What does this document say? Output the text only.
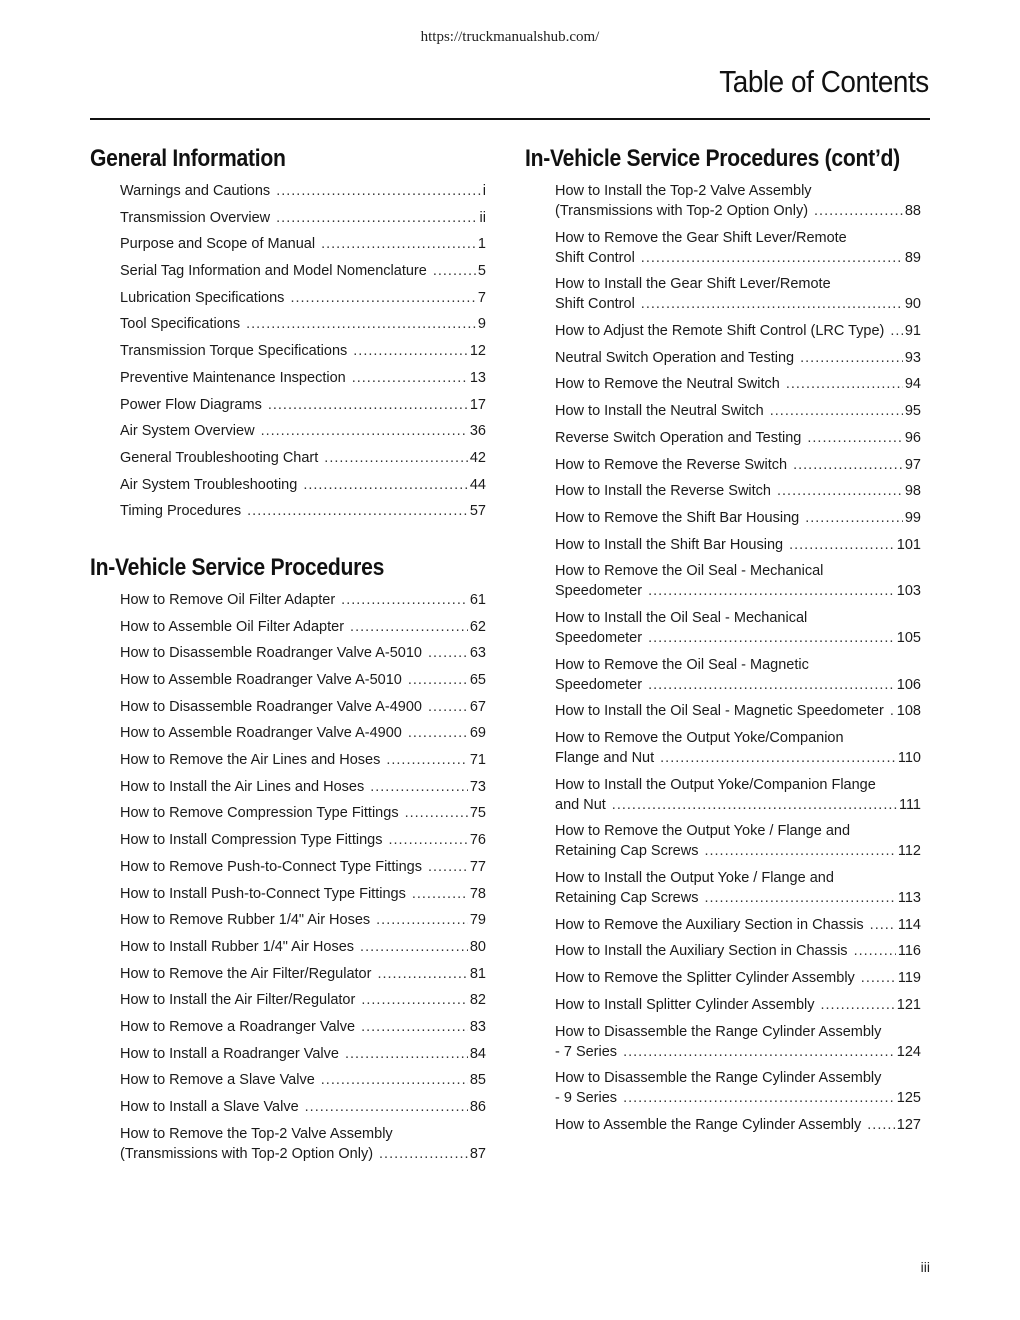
https://truckmanualshub.com/
Table of Contents
General Information
Warnings and Cautions .....	i
Transmission Overview .....	ii
Purpose and Scope of Manual .....	1
Serial Tag Information and Model Nomenclature .....	5
Lubrication Specifications .....	7
Tool Specifications .....	9
Transmission Torque Specifications .....	12
Preventive Maintenance Inspection .....	13
Power Flow Diagrams .....	17
Air System Overview .....	36
General Troubleshooting Chart .....	42
Air System Troubleshooting .....	44
Timing Procedures .....	57
In-Vehicle Service Procedures
How to Remove Oil Filter Adapter .....	61
How to Assemble Oil Filter Adapter .....	62
How to Disassemble Roadranger Valve A-5010 .....	63
How to Assemble Roadranger Valve A-5010 .....	65
How to Disassemble Roadranger Valve A-4900 .....	67
How to Assemble Roadranger Valve A-4900 .....	69
How to Remove the Air Lines and Hoses .....	71
How to Install the Air Lines and Hoses .....	73
How to Remove Compression Type Fittings .....	75
How to Install Compression Type Fittings .....	76
How to Remove Push-to-Connect Type Fittings .....	77
How to Install Push-to-Connect Type Fittings .....	78
How to Remove Rubber 1/4" Air Hoses .....	79
How to Install Rubber 1/4" Air Hoses .....	80
How to Remove the Air Filter/Regulator .....	81
How to Install the Air Filter/Regulator .....	82
How to Remove a Roadranger Valve .....	83
How to Install a Roadranger Valve .....	84
How to Remove a Slave Valve .....	85
How to Install a Slave Valve .....	86
How to Remove the Top-2 Valve Assembly
(Transmissions with Top-2 Option Only) .....	87
In-Vehicle Service Procedures (cont’d)
How to Install the Top-2 Valve Assembly
(Transmissions with Top-2 Option Only) .....	88
How to Remove the Gear Shift Lever/Remote
Shift Control .....	89
How to Install the Gear Shift Lever/Remote
Shift Control .....	90
How to Adjust the Remote Shift Control (LRC Type) ..... 91
Neutral Switch Operation and Testing .....	93
How to Remove the Neutral Switch .....	94
How to Install the Neutral Switch .....	95
Reverse Switch Operation and Testing .....	96
How to Remove the Reverse Switch .....	97
How to Install the Reverse Switch .....	98
How to Remove the Shift Bar Housing .....	99
How to Install the Shift Bar Housing .....	101
How to Remove the Oil Seal - Mechanical
Speedometer .....	103
How to Install the Oil Seal - Mechanical
Speedometer .....	105
How to Remove the Oil Seal - Magnetic
Speedometer .....	106
How to Install the Oil Seal - Magnetic Speedometer ..... 108
How to Remove the Output Yoke/Companion
Flange and Nut .....	110
How to Install the Output Yoke/Companion Flange
and Nut .....	111
How to Remove the Output Yoke / Flange and
Retaining Cap Screws .....	112
How to Install the Output Yoke / Flange and
Retaining Cap Screws .....	113
How to Remove the Auxiliary Section in Chassis ..... 114
How to Install the Auxiliary Section in Chassis .....	116
How to Remove the Splitter Cylinder Assembly .....	119
How to Install Splitter Cylinder Assembly .....	121
How to Disassemble the Range Cylinder Assembly
- 7 Series .....	124
How to Disassemble the Range Cylinder Assembly
- 9 Series .....	125
How to Assemble the Range Cylinder Assembly ..... 127
iii
